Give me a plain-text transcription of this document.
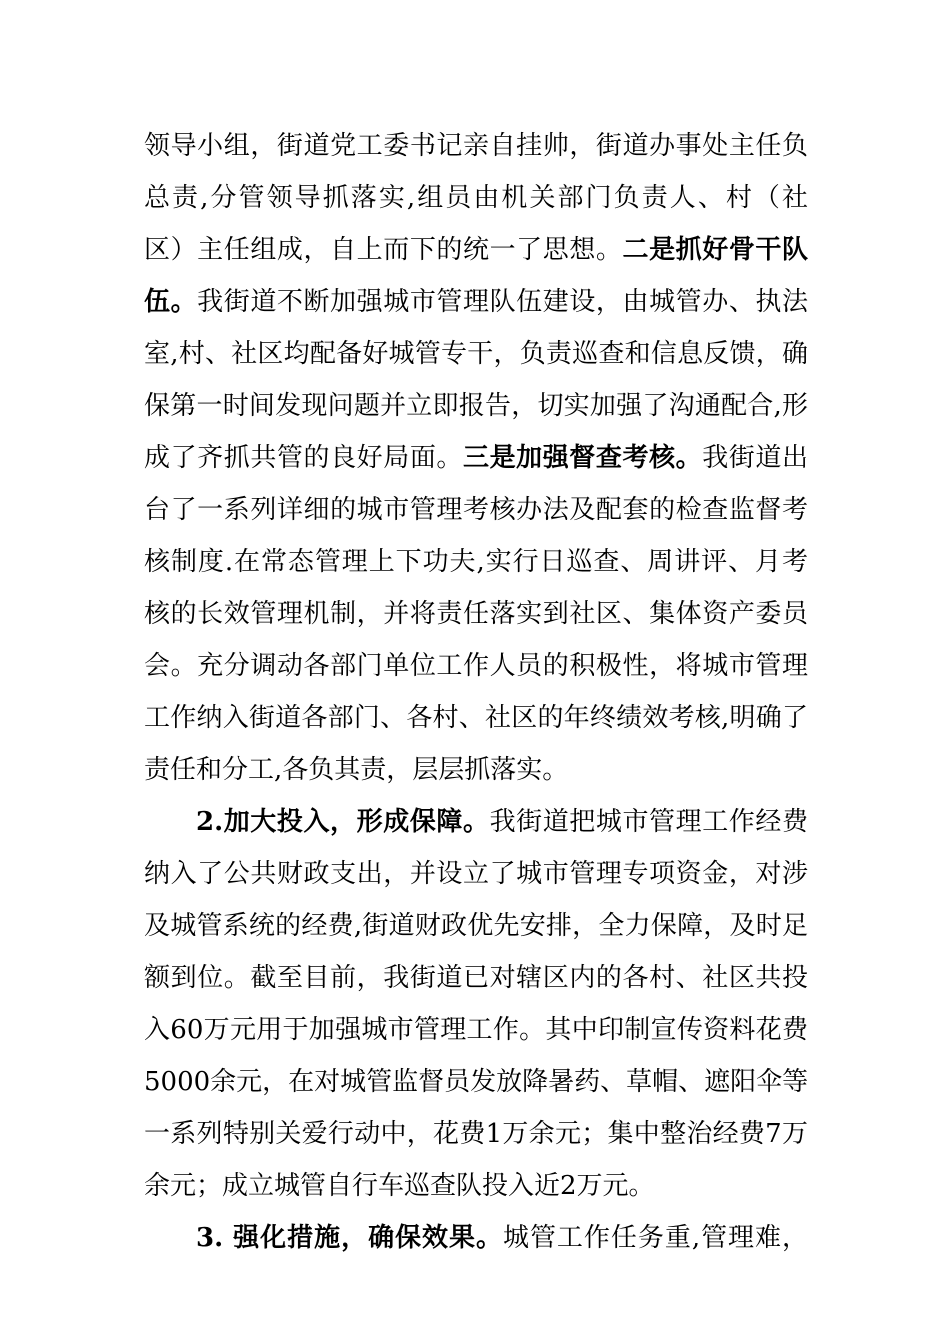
领导小组，街道党工委书记亲自挂帅，街道办事处主任负
总责,分管领导抓落实,组员由机关部门负责人、村（社
区）主任组成，自上而下的统一了思想。二是抓好骨干队
伍。我街道不断加强城市管理队伍建设，由城管办、执法
室,村、社区均配备好城管专干，负责巡查和信息反馈，确
保第一时间发现问题并立即报告，切实加强了沟通配合,形
成了齐抓共管的良好局面。三是加强督查考核。我街道出
台了一系列详细的城市管理考核办法及配套的检查监督考
核制度.在常态管理上下功夫,实行日巡查、周讲评、月考
核的长效管理机制，并将责任落实到社区、集体资产委员
会。充分调动各部门单位工作人员的积极性，将城市管理
工作纳入街道各部门、各村、社区的年终绩效考核,明确了
责任和分工,各负其责，层层抓落实。
2.加大投入，形成保障。我街道把城市管理工作经费
纳入了公共财政支出，并设立了城市管理专项资金，对涉
及城管系统的经费,街道财政优先安排，全力保障，及时足
额到位。截至目前，我街道已对辖区内的各村、社区共投
入60万元用于加强城市管理工作。其中印制宣传资料花费
5000余元，在对城管监督员发放降暑药、草帽、遮阳伞等
一系列特别关爱行动中，花费1万余元；集中整治经费7万
余元；成立城管自行车巡查队投入近2万元。
3. 强化措施，确保效果。城管工作任务重,管理难，
